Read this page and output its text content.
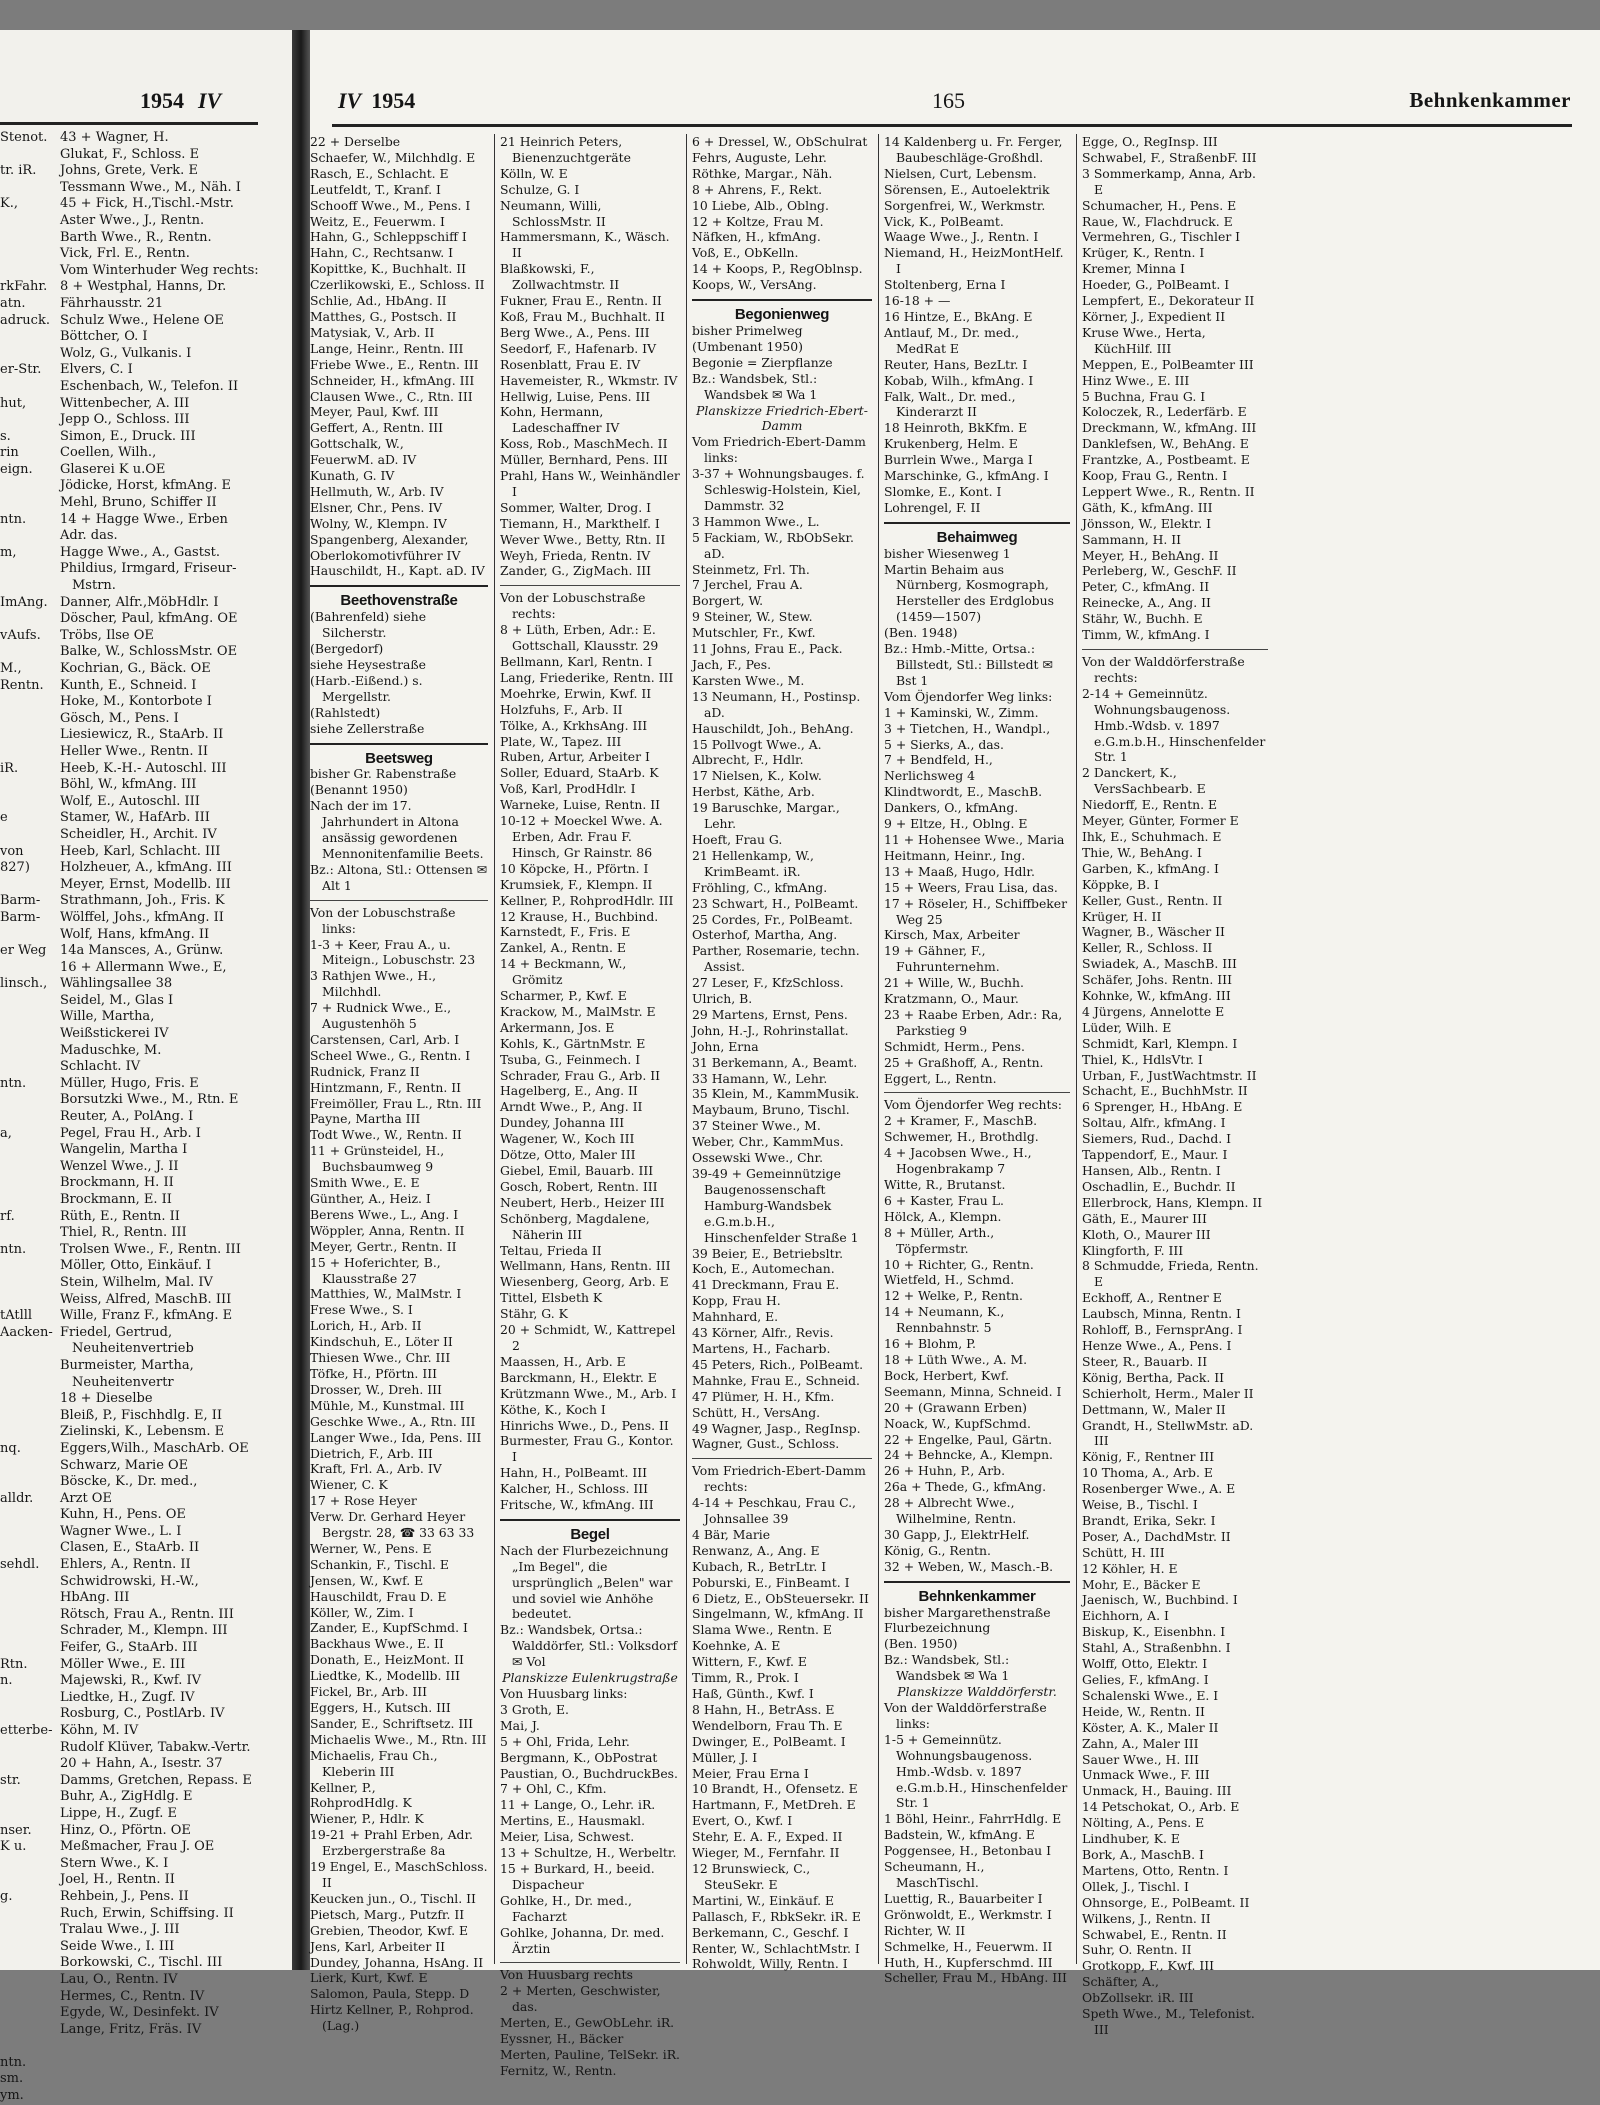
1954 IV
Stenot.
tr. iR.
K.,
rkFahr.
atn.
adruck.
er-Str.
hut,
s.
rin
eign.
ntn.
m,
ImAng.
vAufs.
M.,
Rentn.
iR.
e
von
827)
Barm-
Barm-
er Weg
linsch.,
ntn.
a,
rf.
ntn.
tAtlll
Aacken-
nq.
alldr.
sehdl.
Rtn.
n.
etterbe-
str.
nser.
K u.
g.
ntn.
sm.
ym.
43 + Wagner, H.
Glukat, F., Schloss. E
Johns, Grete, Verk. E
Tessmann Wwe., M., Näh. I
45 + Fick, H.,Tischl.-Mstr.
Aster Wwe., J., Rentn.
Barth Wwe., R., Rentn.
Vick, Frl. E., Rentn.
Vom Winterhuder Weg rechts:
8 + Westphal, Hanns, Dr.
Fährhausstr. 21
Schulz Wwe., Helene OE
Böttcher, O. I
Wolz, G., Vulkanis. I
Elvers, C. I
Eschenbach, W., Telefon. II
Wittenbecher, A. III
Jepp O., Schloss. III
Simon, E., Druck. III
Coellen, Wilh.,
Glaserei K u.OE
Jödicke, Horst, kfmAng. E
Mehl, Bruno, Schiffer II
14 + Hagge Wwe., Erben
Adr. das.
Hagge Wwe., A., Gastst.
Phildius, Irmgard, Friseur-Mstrn.
Danner, Alfr.,MöbHdlr. I
Döscher, Paul, kfmAng. OE
Tröbs, Ilse OE
Balke, W., SchlossMstr. OE
Kochrian, G., Bäck. OE
Kunth, E., Schneid. I
Hoke, M., Kontorbote I
Gösch, M., Pens. I
Liesiewicz, R., StaArb. II
Heller Wwe., Rentn. II
Heeb, K.-H.- Autoschl. III
Böhl, W., kfmAng. III
Wolf, E., Autoschl. III
Stamer, W., HafArb. III
Scheidler, H., Archit. IV
Heeb, Karl, Schlacht. III
Holzheuer, A., kfmAng. III
Meyer, Ernst, Modellb. III
Strathmann, Joh., Fris. K
Wölffel, Johs., kfmAng. II
Wolf, Hans, kfmAng. II
14a Mansces, A., Grünw.
16 + Allermann Wwe., E,
Wählingsallee 38
Seidel, M., Glas I
Wille, Martha,
Weißstickerei IV
Maduschke, M.
Schlacht. IV
Müller, Hugo, Fris. E
Borsutzki Wwe., M., Rtn. E
Reuter, A., PolAng. I
Pegel, Frau H., Arb. I
Wangelin, Martha I
Wenzel Wwe., J. II
Brockmann, H. II
Brockmann, E. II
Rüth, E., Rentn. II
Thiel, R., Rentn. III
Trolsen Wwe., F., Rentn. III
Möller, Otto, Einkäuf. I
Stein, Wilhelm, Mal. IV
Weiss, Alfred, MaschB. III
Wille, Franz F., kfmAng. E
Friedel, Gertrud, Neuheitenvertrieb
Burmeister, Martha, Neuheitenvertr
18 + Dieselbe
Bleiß, P., Fischhdlg. E, II
Zielinski, K., Lebensm. E
Eggers,Wilh., MaschArb. OE
Schwarz, Marie OE
Böscke, K., Dr. med.,
Arzt OE
Kuhn, H., Pens. OE
Wagner Wwe., L. I
Clasen, E., StaArb. II
Ehlers, A., Rentn. II
Schwidrowski, H.-W.,
HbAng. III
Rötsch, Frau A., Rentn. III
Schrader, M., Klempn. III
Feifer, G., StaArb. III
Möller Wwe., E. III
Majewski, R., Kwf. IV
Liedtke, H., Zugf. IV
Rosburg, C., PostlArb. IV
Köhn, M. IV
Rudolf Klüver, Tabakw.-Vertr.
20 + Hahn, A., Isestr. 37
Damms, Gretchen, Repass. E
Buhr, A., ZigHdlg. E
Lippe, H., Zugf. E
Hinz, O., Pförtn. OE
Meßmacher, Frau J. OE
Stern Wwe., K. I
Joel, H., Rentn. II
Rehbein, J., Pens. II
Ruch, Erwin, Schiffsing. II
Tralau Wwe., J. III
Seide Wwe., I. III
Borkowski, C., Tischl. III
Lau, O., Rentn. IV
Hermes, C., Rentn. IV
Egyde, W., Desinfekt. IV
Lange, Fritz, Fräs. IV
IV 1954	165	Behnkenkammer
22 + Derselbe
Schaefer, W., Milchhdlg. E
Rasch, E., Schlacht. E
Leutfeldt, T., Kranf. I
Schooff Wwe., M., Pens. I
Weitz, E., Feuerwm. I
Hahn, G., Schleppschiff I
Hahn, C., Rechtsanw. I
Kopittke, K., Buchhalt. II
Czerlikowski, E., Schloss. II
Schlie, Ad., HbAng. II
Matthes, G., Postsch. II
Matysiak, V., Arb. II
Lange, Heinr., Rentn. III
Friebe Wwe., E., Rentn. III
Schneider, H., kfmAng. III
Clausen Wwe., C., Rtn. III
Meyer, Paul, Kwf. III
Geffert, A., Rentn. III
Gottschalk, W.,
FeuerwM. aD. IV
Kunath, G. IV
Hellmuth, W., Arb. IV
Elsner, Chr., Pens. IV
Wolny, W., Klempn. IV
Spangenberg, Alexander,
Oberlokomotivführer IV
Hauschildt, H., Kapt. aD. IV
Beethovenstraße
(Bahrenfeld) siehe Silcherstr.
(Bergedorf)
siehe Heysestraße
(Harb.-Eißend.) s. Mergellstr.
(Rahlstedt)
siehe Zellerstraße
Beetsweg
bisher Gr. Rabenstraße
(Benannt 1950)
Nach der im 17. Jahrhundert in Altona ansässig gewordenen Mennonitenfamilie Beets.
Bz.: Altona, Stl.: Ottensen ✉ Alt 1
Von der Lobuschstraße links:
1-3 + Keer, Frau A., u. Miteign., Lobuschstr. 23
3 Rathjen Wwe., H., Milchhdl.
7 + Rudnick Wwe., E., Augustenhöh 5
Carstensen, Carl, Arb. I
Scheel Wwe., G., Rentn. I
Rudnick, Franz II
Hintzmann, F., Rentn. II
Freimöller, Frau L., Rtn. III
Payne, Martha III
Todt Wwe., W., Rentn. II
11 + Grünsteidel, H., Buchsbaumweg 9
Smith Wwe., E. E
Günther, A., Heiz. I
Berens Wwe., L., Ang. I
Wöppler, Anna, Rentn. II
Meyer, Gertr., Rentn. II
15 + Hoferichter, B., Klausstraße 27
Matthies, W., MalMstr. I
Frese Wwe., S. I
Lorich, H., Arb. II
Kindschuh, E., Löter II
Thiesen Wwe., Chr. III
Töfke, H., Pförtn. III
Drosser, W., Dreh. III
Mühle, M., Kunstmal. III
Geschke Wwe., A., Rtn. III
Langer Wwe., Ida, Pens. III
Dietrich, F., Arb. III
Kraft, Frl. A., Arb. IV
Wiener, C. K
17 + Rose Heyer
Verw. Dr. Gerhard Heyer Bergstr. 28, ☎ 33 63 33
Werner, W., Pens. E
Schankin, F., Tischl. E
Jensen, W., Kwf. E
Hauschildt, Frau D. E
Köller, W., Zim. I
Zander, E., KupfSchmd. I
Backhaus Wwe., E. II
Donath, E., HeizMont. II
Liedtke, K., Modellb. III
Fickel, Br., Arb. III
Eggers, H., Kutsch. III
Sander, E., Schriftsetz. III
Michaelis Wwe., M., Rtn. III
Michaelis, Frau Ch., Kleberin III
Kellner, P.,
RohprodHdlg. K
Wiener, P., Hdlr. K
19-21 + Prahl Erben, Adr. Erzbergerstraße 8a
19 Engel, E., MaschSchloss. II
Keucken jun., O., Tischl. II
Pietsch, Marg., Putzfr. II
Grebien, Theodor, Kwf. E
Jens, Karl, Arbeiter II
Dundey, Johanna, HsAng. II
Lierk, Kurt, Kwf. E
Salomon, Paula, Stepp. D
Hirtz Kellner, P., Rohprod. (Lag.)
21 Heinrich Peters, Bienenzuchtgeräte
Kölln, W. E
Schulze, G. I
Neumann, Willi, SchlossMstr. II
Hammersmann, K., Wäsch. II
Blaßkowski, F., Zollwachtmstr. II
Fukner, Frau E., Rentn. II
Koß, Frau M., Buchhalt. II
Berg Wwe., A., Pens. III
Seedorf, F., Hafenarb. IV
Rosenblatt, Frau E. IV
Havemeister, R., Wkmstr. IV
Hellwig, Luise, Pens. III
Kohn, Hermann, Ladeschaffner IV
Koss, Rob., MaschMech. II
Müller, Bernhard, Pens. III
Prahl, Hans W., Weinhändler I
Sommer, Walter, Drog. I
Tiemann, H., Markthelf. I
Wever Wwe., Betty, Rtn. II
Weyh, Frieda, Rentn. IV
Zander, G., ZigMach. III
Von der Lobuschstraße rechts:
8 + Lüth, Erben, Adr.: E. Gottschall, Klausstr. 29
Bellmann, Karl, Rentn. I
Lang, Friederike, Rentn. III
Moehrke, Erwin, Kwf. II
Holzfuhs, F., Arb. II
Tölke, A., KrkhsAng. III
Plate, W., Tapez. III
Ruben, Artur, Arbeiter I
Soller, Eduard, StaArb. K
Voß, Karl, ProdHdlr. I
Warneke, Luise, Rentn. II
10-12 + Moeckel Wwe. A. Erben, Adr. Frau F. Hinsch, Gr Rainstr. 86
10 Köpcke, H., Pförtn. I
Krumsiek, F., Klempn. II
Kellner, P., RohprodHdlr. III
12 Krause, H., Buchbind.
Karnstedt, F., Fris. E
Zankel, A., Rentn. E
14 + Beckmann, W., Grömitz
Scharmer, P., Kwf. E
Krackow, M., MalMstr. E
Arkermann, Jos. E
Kohls, K., GärtnMstr. E
Tsuba, G., Feinmech. I
Schrader, Frau G., Arb. II
Hagelberg, E., Ang. II
Arndt Wwe., P., Ang. II
Dundey, Johanna III
Wagener, W., Koch III
Dötze, Otto, Maler III
Giebel, Emil, Bauarb. III
Gosch, Robert, Rentn. III
Neubert, Herb., Heizer III
Schönberg, Magdalene, Näherin III
Teltau, Frieda II
Wellmann, Hans, Rentn. III
Wiesenberg, Georg, Arb. E
Tittel, Elsbeth K
Stähr, G. K
20 + Schmidt, W., Kattrepel 2
Maassen, H., Arb. E
Barckmann, H., Elektr. E
Krützmann Wwe., M., Arb. I
Köthe, K., Koch I
Hinrichs Wwe., D., Pens. II
Burmester, Frau G., Kontor. I
Hahn, H., PolBeamt. III
Kalcher, H., Schloss. III
Fritsche, W., kfmAng. III
Begel
Nach der Flurbezeichnung „Im Begel", die ursprünglich „Belen" war und soviel wie Anhöhe bedeutet.
Bz.: Wandsbek, Ortsa.: Walddörfer, Stl.: Volksdorf ✉ Vol
Planskizze Eulenkrugstraße
Von Huusbarg links:
3 Groth, E.
Mai, J.
5 + Ohl, Frida, Lehr.
Bergmann, K., ObPostrat
Paustian, O., BuchdruckBes.
7 + Ohl, C., Kfm.
11 + Lange, O., Lehr. iR.
Mertins, E., Hausmakl.
Meier, Lisa, Schwest.
13 + Schultze, H., Werbeltr.
15 + Burkard, H., beeid. Dispacheur
Gohlke, H., Dr. med., Facharzt
Gohlke, Johanna, Dr. med. Ärztin
Von Huusbarg rechts
2 + Merten, Geschwister, das.
Merten, E., GewObLehr. iR.
Eyssner, H., Bäcker
Merten, Pauline, TelSekr. iR.
Fernitz, W., Rentn.
6 + Dressel, W., ObSchulrat
Fehrs, Auguste, Lehr.
Röthke, Margar., Näh.
8 + Ahrens, F., Rekt.
10 Liebe, Alb., Oblng.
12 + Koltze, Frau M.
Näfken, H., kfmAng.
Voß, E., ObKelln.
14 + Koops, P., RegOblnsp.
Koops, W., VersAng.
Begonienweg
bisher Primelweg
(Umbenant 1950)
Begonie = Zierpflanze
Bz.: Wandsbek, Stl.: Wandsbek ✉ Wa 1
Planskizze Friedrich-Ebert-Damm
Vom Friedrich-Ebert-Damm links:
3-37 + Wohnungsbauges. f. Schleswig-Holstein, Kiel, Dammstr. 32
3 Hammon Wwe., L.
5 Fackiam, W., RbObSekr. aD.
Steinmetz, Frl. Th.
7 Jerchel, Frau A.
Borgert, W.
9 Steiner, W., Stew.
Mutschler, Fr., Kwf.
11 Johns, Frau E., Pack.
Jach, F., Pes.
Karsten Wwe., M.
13 Neumann, H., Postinsp. aD.
Hauschildt, Joh., BehAng.
15 Pollvogt Wwe., A.
Albrecht, F., Hdlr.
17 Nielsen, K., Kolw.
Herbst, Käthe, Arb.
19 Baruschke, Margar., Lehr.
Hoeft, Frau G.
21 Hellenkamp, W., KrimBeamt. iR.
Fröhling, C., kfmAng.
23 Schwart, H., PolBeamt.
25 Cordes, Fr., PolBeamt.
Osterhof, Martha, Ang.
Parther, Rosemarie, techn. Assist.
27 Leser, F., KfzSchloss.
Ulrich, B.
29 Martens, Ernst, Pens.
John, H.-J., Rohrinstallat.
John, Erna
31 Berkemann, A., Beamt.
33 Hamann, W., Lehr.
35 Klein, M., KammMusik.
Maybaum, Bruno, Tischl.
37 Steiner Wwe., M.
Weber, Chr., KammMus.
Ossewski Wwe., Chr.
39-49 + Gemeinnützige Baugenossenschaft Hamburg-Wandsbek e.G.m.b.H., Hinschenfelder Straße 1
39 Beier, E., Betriebsltr.
Koch, E., Automechan.
41 Dreckmann, Frau E.
Kopp, Frau H.
Mahnhard, E.
43 Körner, Alfr., Revis.
Martens, H., Facharb.
45 Peters, Rich., PolBeamt.
Mahnke, Frau E., Schneid.
47 Plümer, H. H., Kfm.
Schütt, H., VersAng.
49 Wagner, Jasp., RegInsp.
Wagner, Gust., Schloss.
Vom Friedrich-Ebert-Damm rechts:
4-14 + Peschkau, Frau C., Johnsallee 39
4 Bär, Marie
Renwanz, A., Ang. E
Kubach, R., BetrLtr. I
Poburski, E., FinBeamt. I
6 Dietz, E., ObSteuersekr. II
Singelmann, W., kfmAng. II
Slama Wwe., Rentn. E
Koehnke, A. E
Wittern, F., Kwf. E
Timm, R., Prok. I
Haß, Günth., Kwf. I
8 Hahn, H., BetrAss. E
Wendelborn, Frau Th. E
Dwinger, E., PolBeamt. I
Müller, J. I
Meier, Frau Erna I
10 Brandt, H., Ofensetz. E
Hartmann, F., MetDreh. E
Evert, O., Kwf. I
Stehr, E. A. F., Exped. II
Wieger, M., Fernfahr. II
12 Brunswieck, C., SteuSekr. E
Martini, W., Einkäuf. E
Pallasch, F., RbkSekr. iR. E
Berkemann, C., Geschf. I
Renter, W., SchlachtMstr. I
Rohwoldt, Willy, Rentn. I
14 Kaldenberg u. Fr. Ferger, Baubeschläge-Großhdl.
Nielsen, Curt, Lebensm.
Sörensen, E., Autoelektrik
Sorgenfrei, W., Werkmstr.
Vick, K., PolBeamt.
Waage Wwe., J., Rentn. I
Niemand, H., HeizMontHelf. I
Stoltenberg, Erna I
16-18 + —
16 Hintze, E., BkAng. E
Antlauf, M., Dr. med., MedRat E
Reuter, Hans, BezLtr. I
Kobab, Wilh., kfmAng. I
Falk, Walt., Dr. med., Kinderarzt II
18 Heinroth, BkKfm. E
Krukenberg, Helm. E
Burrlein Wwe., Marga I
Marschinke, G., kfmAng. I
Slomke, E., Kont. I
Lohrengel, F. II
Behaimweg
bisher Wiesenweg 1
Martin Behaim aus Nürnberg, Kosmograph, Hersteller des Erdglobus (1459—1507)
(Ben. 1948)
Bz.: Hmb.-Mitte, Ortsa.: Billstedt, Stl.: Billstedt ✉ Bst 1
Vom Öjendorfer Weg links:
1 + Kaminski, W., Zimm.
3 + Tietchen, H., Wandpl.,
5 + Sierks, A., das.
7 + Bendfeld, H.,
Nerlichsweg 4
Klindtwordt, E., MaschB.
Dankers, O., kfmAng.
9 + Eltze, H., Oblng. E
11 + Hohensee Wwe., Maria
Heitmann, Heinr., Ing.
13 + Maaß, Hugo, Hdlr.
15 + Weers, Frau Lisa, das.
17 + Röseler, H., Schiffbeker Weg 25
Kirsch, Max, Arbeiter
19 + Gähner, F., Fuhrunternehm.
21 + Wille, W., Buchh.
Kratzmann, O., Maur.
23 + Raabe Erben, Adr.: Ra, Parkstieg 9
Schmidt, Herm., Pens.
25 + Graßhoff, A., Rentn.
Eggert, L., Rentn.
Vom Öjendorfer Weg rechts:
2 + Kramer, F., MaschB.
Schwemer, H., Brothdlg.
4 + Jacobsen Wwe., H., Hogenbrakamp 7
Witte, R., Brutanst.
6 + Kaster, Frau L.
Hölck, A., Klempn.
8 + Müller, Arth., Töpfermstr.
10 + Richter, G., Rentn.
Wietfeld, H., Schmd.
12 + Welke, P., Rentn.
14 + Neumann, K., Rennbahnstr. 5
16 + Blohm, P.
18 + Lüth Wwe., A. M.
Bock, Herbert, Kwf.
Seemann, Minna, Schneid. I
20 + (Grawann Erben)
Noack, W., KupfSchmd.
22 + Engelke, Paul, Gärtn.
24 + Behncke, A., Klempn.
26 + Huhn, P., Arb.
26a + Thede, G., kfmAng.
28 + Albrecht Wwe., Wilhelmine, Rentn.
30 Gapp, J., ElektrHelf.
König, G., Rentn.
32 + Weben, W., Masch.-B.
Behnkenkammer
bisher Margarethenstraße
Flurbezeichnung
(Ben. 1950)
Bz.: Wandsbek, Stl.: Wandsbek ✉ Wa 1
Planskizze Walddörferstr.
Von der Walddörferstraße links:
1-5 + Gemeinnütz. Wohnungsbaugenoss. Hmb.-Wdsb. v. 1897 e.G.m.b.H., Hinschenfelder Str. 1
1 Böhl, Heinr., FahrrHdlg. E
Badstein, W., kfmAng. E
Poggensee, H., Betonbau I
Scheumann, H., MaschTischl.
Luettig, R., Bauarbeiter I
Grönwoldt, E., Werkmstr. I
Richter, W. II
Schmelke, H., Feuerwm. II
Huth, H., Kupferschmd. III
Scheller, Frau M., HbAng. III
Egge, O., RegInsp. III
Schwabel, F., StraßenbF. III
3 Sommerkamp, Anna, Arb. E
Schumacher, H., Pens. E
Raue, W., Flachdruck. E
Vermehren, G., Tischler I
Krüger, K., Rentn. I
Kremer, Minna I
Hoeder, G., PolBeamt. I
Lempfert, E., Dekorateur II
Körner, J., Expedient II
Kruse Wwe., Herta, KüchHilf. III
Meppen, E., PolBeamter III
Hinz Wwe., E. III
5 Buchna, Frau G. I
Koloczek, R., Lederfärb. E
Dreckmann, W., kfmAng. III
Danklefsen, W., BehAng. E
Frantzke, A., Postbeamt. E
Koop, Frau G., Rentn. I
Leppert Wwe., R., Rentn. II
Gäth, K., kfmAng. III
Jönsson, W., Elektr. I
Sammann, H. II
Meyer, H., BehAng. II
Perleberg, W., GeschF. II
Peter, C., kfmAng. II
Reinecke, A., Ang. II
Stähr, W., Buchh. E
Timm, W., kfmAng. I
Von der Walddörferstraße rechts:
2-14 + Gemeinnütz. Wohnungsbaugenoss. Hmb.-Wdsb. v. 1897 e.G.m.b.H., Hinschenfelder Str. 1
2 Danckert, K., VersSachbearb. E
Niedorff, E., Rentn. E
Meyer, Günter, Former E
Ihk, E., Schuhmach. E
Thie, W., BehAng. I
Garben, K., kfmAng. I
Köppke, B. I
Keller, Gust., Rentn. II
Krüger, H. II
Wagner, B., Wäscher II
Keller, R., Schloss. II
Swiadek, A., MaschB. III
Schäfer, Johs. Rentn. III
Kohnke, W., kfmAng. III
4 Jürgens, Annelotte E
Lüder, Wilh. E
Schmidt, Karl, Klempn. I
Thiel, K., HdlsVtr. I
Urban, F., JustWachtmstr. II
Schacht, E., BuchhMstr. II
6 Sprenger, H., HbAng. E
Soltau, Alfr., kfmAng. I
Siemers, Rud., Dachd. I
Tappendorf, E., Maur. I
Hansen, Alb., Rentn. I
Oschadlin, E., Buchdr. II
Ellerbrock, Hans, Klempn. II
Gäth, E., Maurer III
Kloth, O., Maurer III
Klingforth, F. III
8 Schmudde, Frieda, Rentn. E
Eckhoff, A., Rentner E
Laubsch, Minna, Rentn. I
Rohloff, B., FernsprAng. I
Henze Wwe., A., Pens. I
Steer, R., Bauarb. II
König, Bertha, Pack. II
Schierholt, Herm., Maler II
Dettmann, W., Maler II
Grandt, H., StellwMstr. aD. III
König, F., Rentner III
10 Thoma, A., Arb. E
Rosenberger Wwe., A. E
Weise, B., Tischl. I
Brandt, Erika, Sekr. I
Poser, A., DachdMstr. II
Schütt, H. III
12 Köhler, H. E
Mohr, E., Bäcker E
Jaenisch, W., Buchbind. I
Eichhorn, A. I
Biskup, K., Eisenbhn. I
Stahl, A., Straßenbhn. I
Wolff, Otto, Elektr. I
Gelies, F., kfmAng. I
Schalenski Wwe., E. I
Heide, W., Rentn. II
Köster, A. K., Maler II
Zahn, A., Maler III
Sauer Wwe., H. III
Unmack Wwe., F. III
Unmack, H., Bauing. III
14 Petschokat, O., Arb. E
Nölting, A., Pens. E
Lindhuber, K. E
Bork, A., MaschB. I
Martens, Otto, Rentn. I
Ollek, J., Tischl. I
Ohnsorge, E., PolBeamt. II
Wilkens, J., Rentn. II
Schwabel, E., Rentn. II
Suhr, O. Rentn. II
Grotkopp, F., Kwf. III
Schäfter, A.,
ObZollsekr. iR. III
Speth Wwe., M., Telefonist. III
